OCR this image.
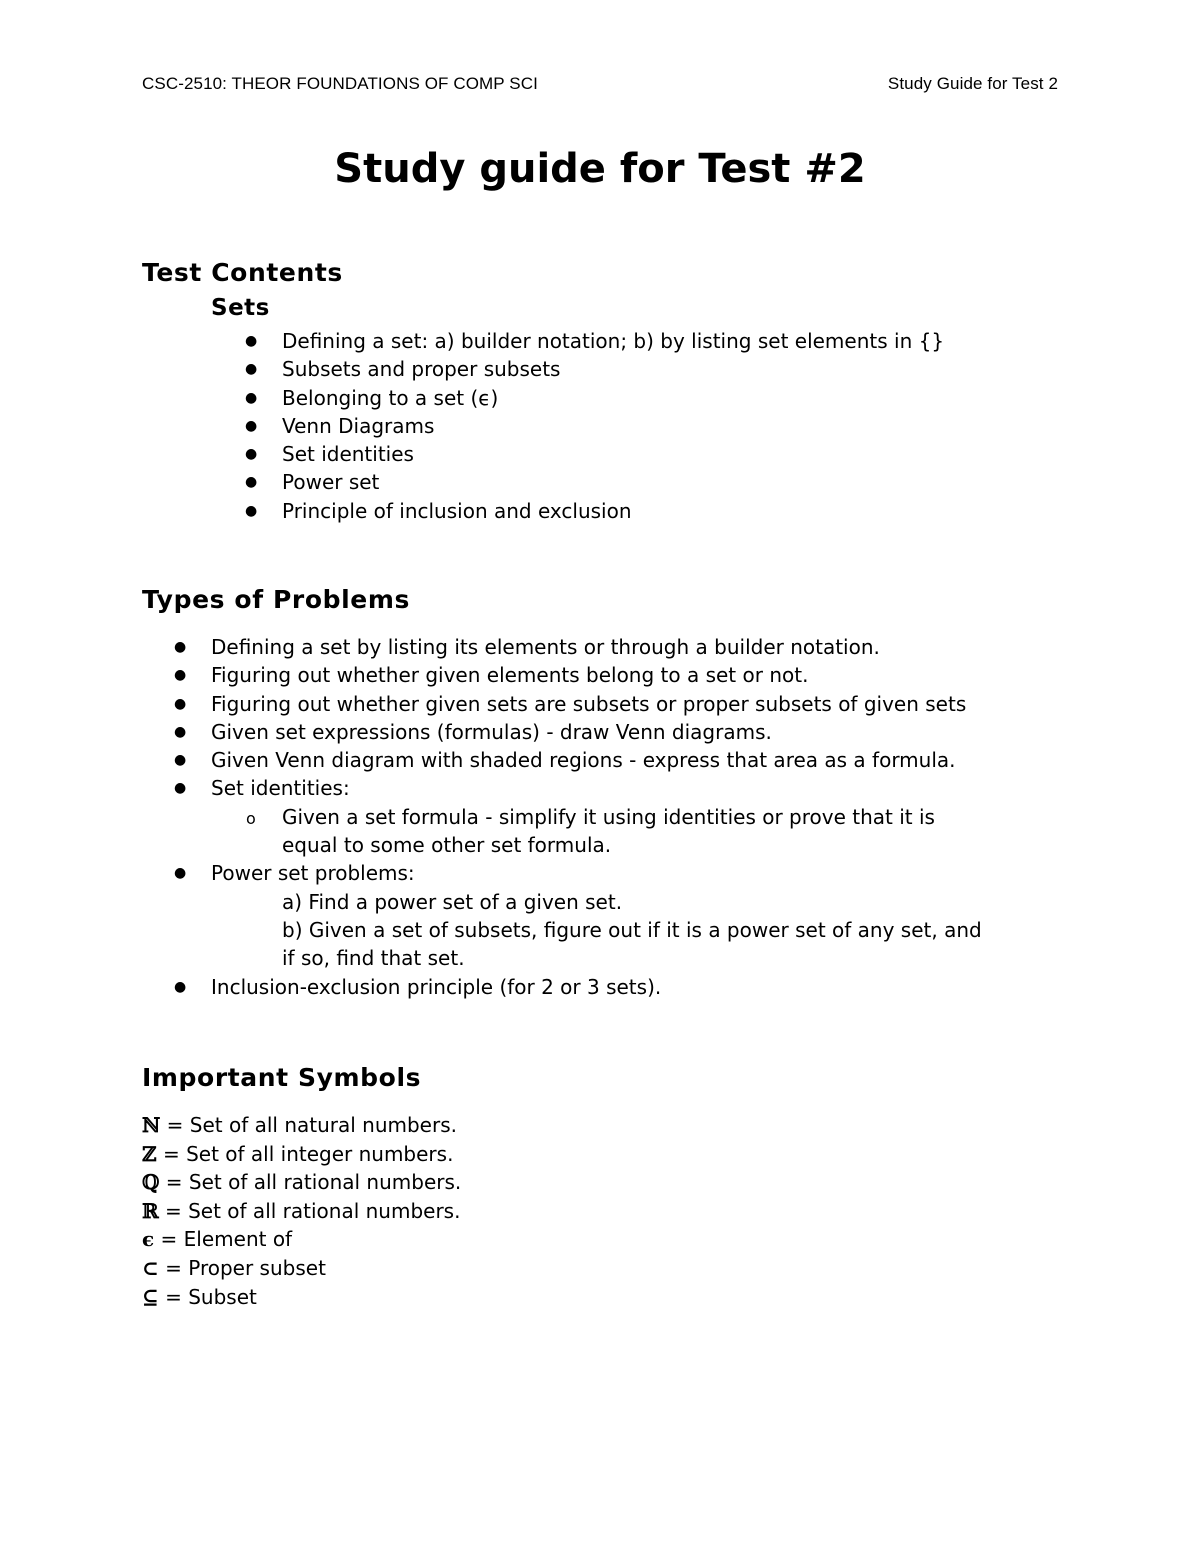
CSC-2510: THEOR FOUNDATIONS OF COMP SCI	Study Guide for Test 2
Study guide for Test #2
Test Contents
Sets
● Defining a set: a) builder notation; b) by listing set elements in {}
● Subsets and proper subsets
● Belonging to a set (ϵ)
● Venn Diagrams
● Set identities
● Power set
● Principle of inclusion and exclusion
Types of Problems
● Defining a set by listing its elements or through a builder notation.
● Figuring out whether given elements belong to a set or not.
● Figuring out whether given sets are subsets or proper subsets of given sets
● Given set expressions (formulas) - draw Venn diagrams.
● Given Venn diagram with shaded regions - express that area as a formula.
● Set identities:
o Given a set formula - simplify it using identities or prove that it is
equal to some other set formula.
● Power set problems:
a) Find a power set of a given set.
b) Given a set of subsets, figure out if it is a power set of any set, and
if so, find that set.
● Inclusion-exclusion principle (for 2 or 3 sets).
Important Symbols
ℕ = Set of all natural numbers.
ℤ = Set of all integer numbers.
ℚ = Set of all rational numbers.
ℝ = Set of all rational numbers.
ϵ = Element of
⊂ = Proper subset
⊆ = Subset
